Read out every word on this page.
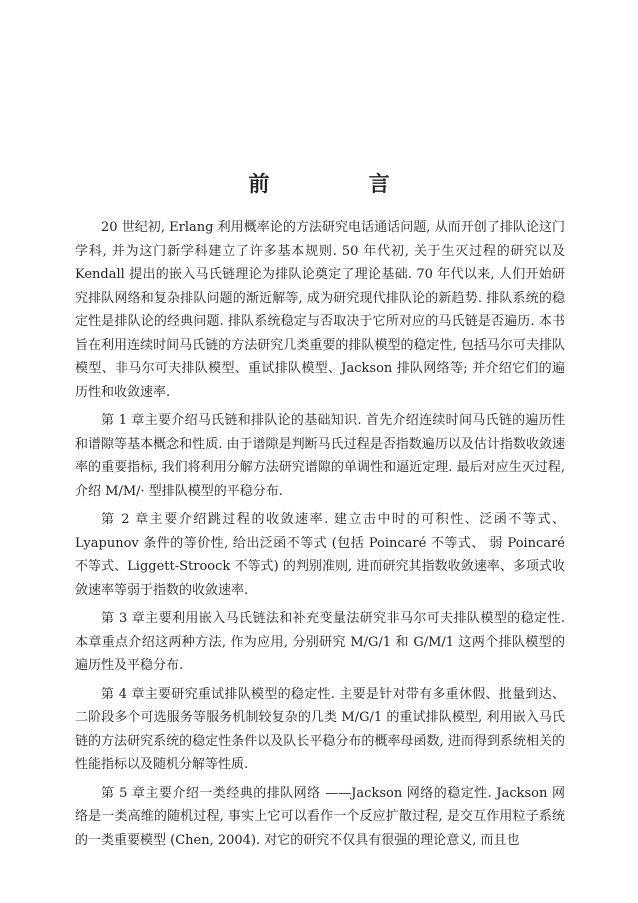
前 言

20 世纪初, Erlang 利用概率论的方法研究电话通话问题, 从而开创了排队论这门学科, 并为这门新学科建立了许多基本规则. 50 年代初, 关于生灭过程的研究以及 Kendall 提出的嵌入马氏链理论为排队论奠定了理论基础. 70 年代以来, 人们开始研究排队网络和复杂排队问题的渐近解等, 成为研究现代排队论的新趋势. 排队系统的稳定性是排队论的经典问题. 排队系统稳定与否取决于它所对应的马氏链是否遍历. 本书旨在利用连续时间马氏链的方法研究几类重要的排队模型的稳定性, 包括马尔可夫排队模型、非马尔可夫排队模型、重试排队模型、Jackson 排队网络等; 并介绍它们的遍历性和收敛速率.

第 1 章主要介绍马氏链和排队论的基础知识. 首先介绍连续时间马氏链的遍历性和谱隙等基本概念和性质. 由于谱隙是判断马氏过程是否指数遍历以及估计指数收敛速率的重要指标, 我们将利用分解方法研究谱隙的单调性和逼近定理. 最后对应生灭过程, 介绍 M/M/· 型排队模型的平稳分布.

第 2 章主要介绍跳过程的收敛速率. 建立击中时的可积性、泛函不等式、Lyapunov 条件的等价性, 给出泛函不等式 (包括 Poincaré 不等式、 弱 Poincaré 不等式、Liggett-Stroock 不等式) 的判别准则, 进而研究其指数收敛速率、多项式收敛速率等弱于指数的收敛速率.

第 3 章主要利用嵌入马氏链法和补充变量法研究非马尔可夫排队模型的稳定性. 本章重点介绍这两种方法, 作为应用, 分别研究 M/G/1 和 G/M/1 这两个排队模型的遍历性及平稳分布.

第 4 章主要研究重试排队模型的稳定性. 主要是针对带有多重休假、批量到达、二阶段多个可选服务等服务机制较复杂的几类 M/G/1 的重试排队模型, 利用嵌入马氏链的方法研究系统的稳定性条件以及队长平稳分布的概率母函数, 进而得到系统相关的性能指标以及随机分解等性质.

第 5 章主要介绍一类经典的排队网络 ——Jackson 网络的稳定性. Jackson 网络是一类高维的随机过程, 事实上它可以看作一个反应扩散过程, 是交互作用粒子系统的一类重要模型 (Chen, 2004). 对它的研究不仅具有很强的理论意义, 而且也
